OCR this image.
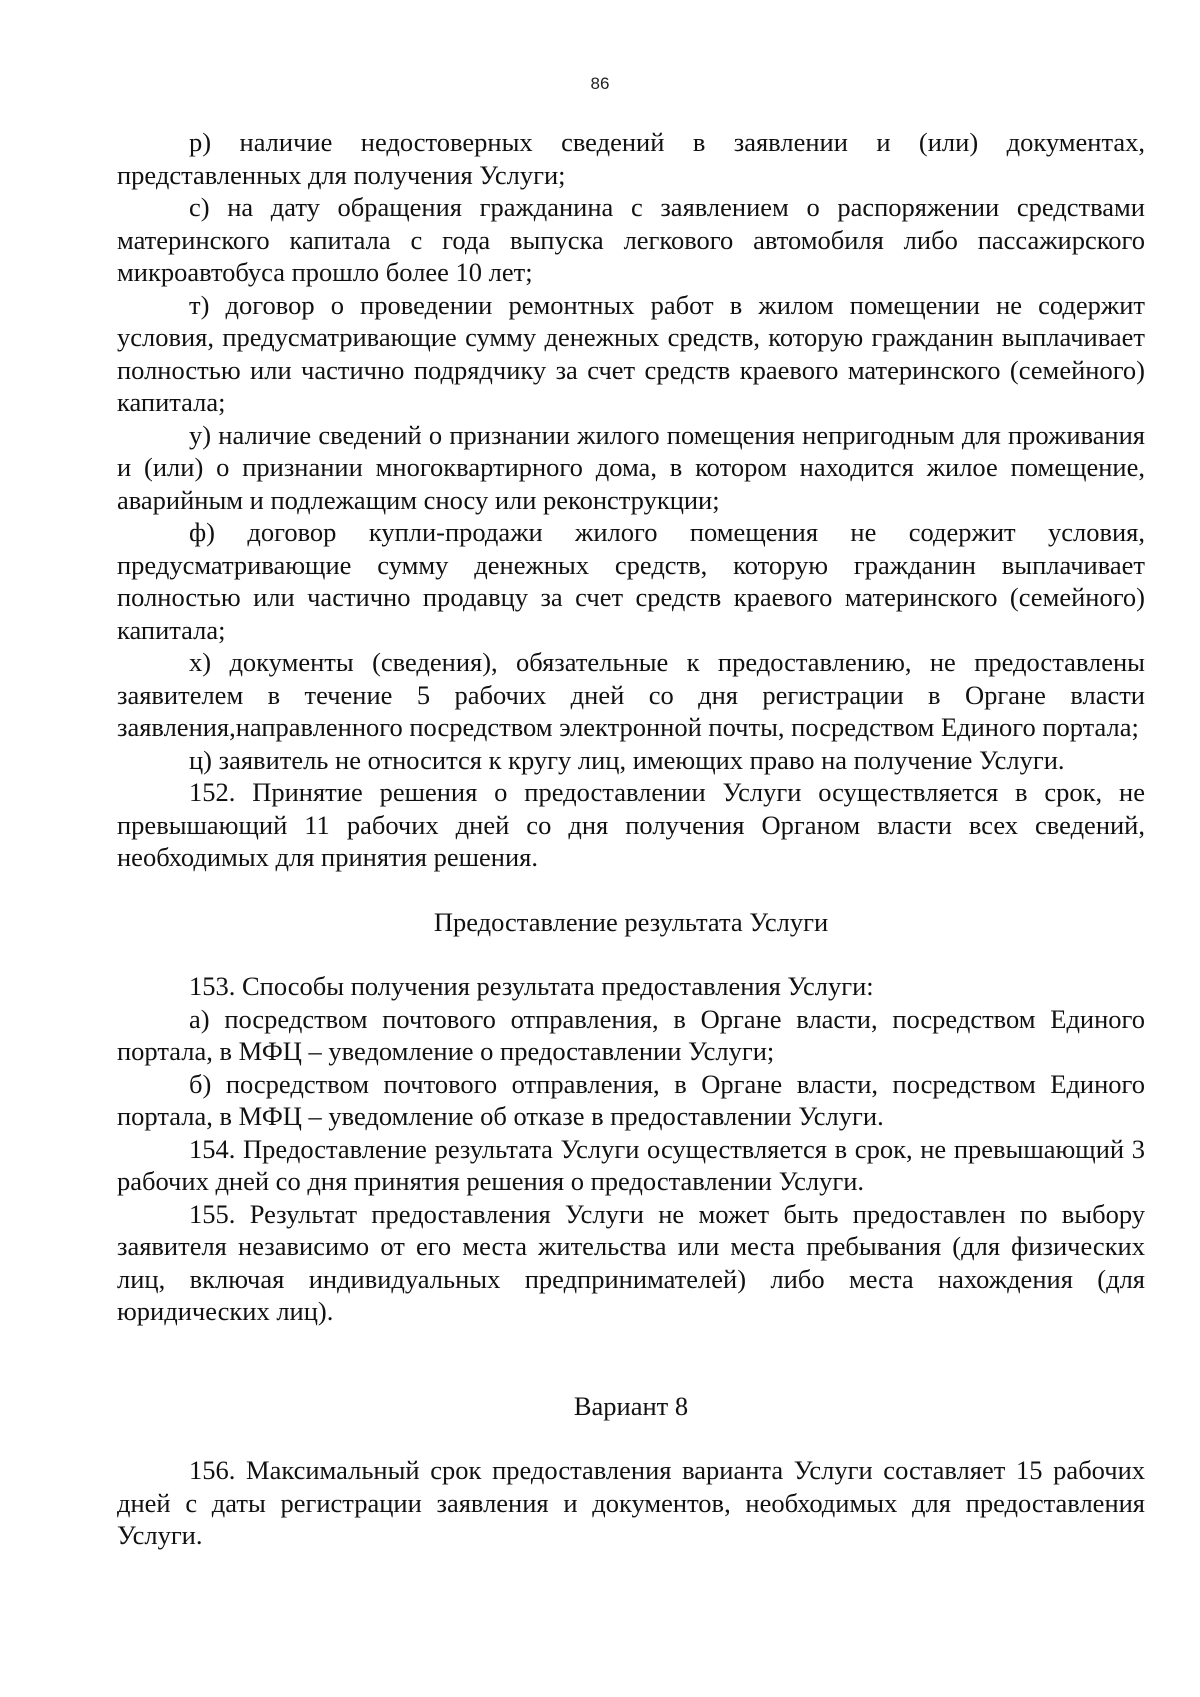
86

р) наличие недостоверных сведений в заявлении и (или) документах, представленных для получения Услуги;

с) на дату обращения гражданина с заявлением о распоряжении средствами материнского капитала с года выпуска легкового автомобиля либо пассажирского микроавтобуса прошло более 10 лет;

т) договор о проведении ремонтных работ в жилом помещении не содержит условия, предусматривающие сумму денежных средств, которую гражданин выплачивает полностью или частично подрядчику за счет средств краевого материнского (семейного) капитала;

у) наличие сведений о признании жилого помещения непригодным для проживания и (или) о признании многоквартирного дома, в котором находится жилое помещение, аварийным и подлежащим сносу или реконструкции;

ф) договор купли-продажи жилого помещения не содержит условия, предусматривающие сумму денежных средств, которую гражданин выплачивает полностью или частично продавцу за счет средств краевого материнского (семейного) капитала;

х) документы (сведения), обязательные к предоставлению, не предоставлены заявителем в течение 5 рабочих дней со дня регистрации в Органе власти заявления,направленного посредством электронной почты, посредством Единого портала;

ц) заявитель не относится к кругу лиц, имеющих право на получение Услуги.

152. Принятие решения о предоставлении Услуги осуществляется в срок, не превышающий 11 рабочих дней со дня получения Органом власти всех сведений, необходимых для принятия решения.

Предоставление результата Услуги

153. Способы получения результата предоставления Услуги:

а) посредством почтового отправления, в Органе власти, посредством Единого портала, в МФЦ – уведомление о предоставлении Услуги;

б) посредством почтового отправления, в Органе власти, посредством Единого портала, в МФЦ – уведомление об отказе в предоставлении Услуги.

154. Предоставление результата Услуги осуществляется в срок, не превышающий 3 рабочих дней со дня принятия решения о предоставлении Услуги.

155. Результат предоставления Услуги не может быть предоставлен по выбору заявителя независимо от его места жительства или места пребывания (для физических лиц, включая индивидуальных предпринимателей) либо места нахождения (для юридических лиц).

Вариант 8

156. Максимальный срок предоставления варианта Услуги составляет 15 рабочих дней с даты регистрации заявления и документов, необходимых для предоставления Услуги.
